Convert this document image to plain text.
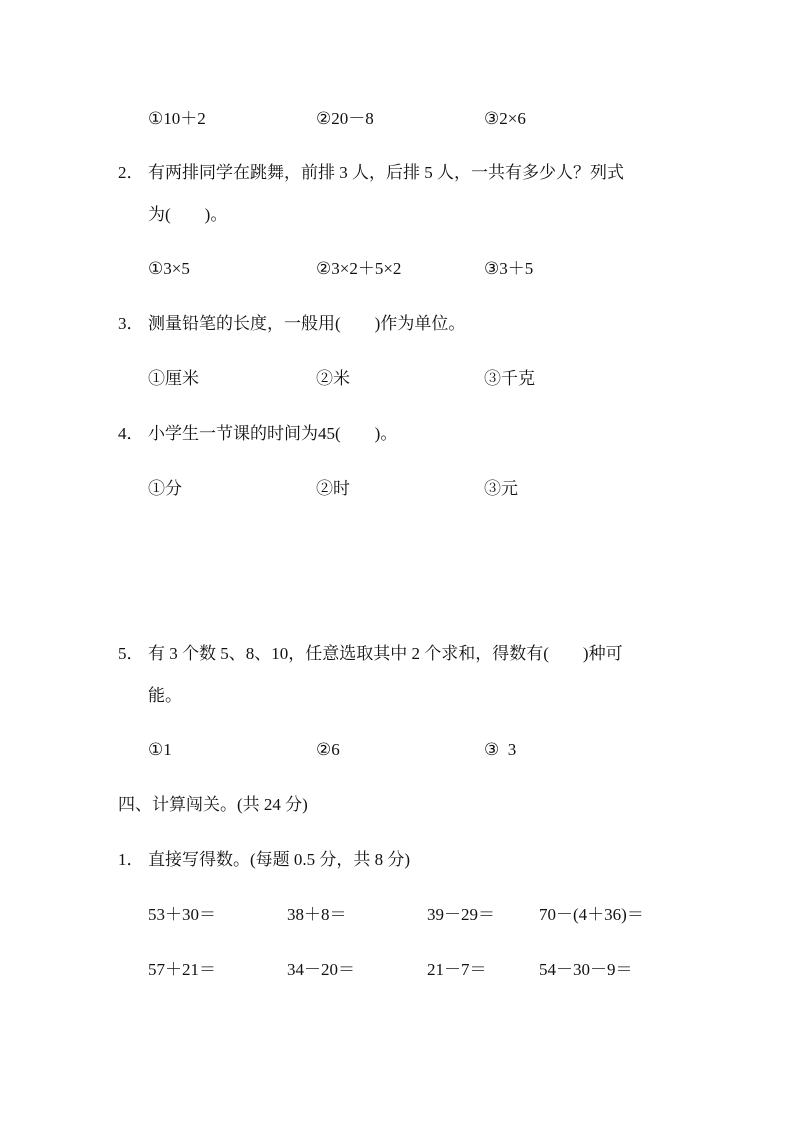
①10＋2	②20－8	③2×6
2． 有两排同学在跳舞，前排 3 人，后排 5 人，一共有多少人？列式
为(　　)。
①3×5	②3×2＋5×2	③3＋5
3． 测量铅笔的长度，一般用(　　)作为单位。
①厘米	②米	③千克
4． 小学生一节课的时间为45(　　)。
①分	②时	③元
5． 有 3 个数 5、8、10，任意选取其中 2 个求和，得数有(　　)种可
能。
①1	②6	③  3
四、计算闯关。(共 24 分)
1． 直接写得数。(每题 0.5 分，共 8 分)
53＋30＝	38＋8＝	39－29＝	70－(4＋36)＝
57＋21＝	34－20＝	21－7＝	54－30－9＝
